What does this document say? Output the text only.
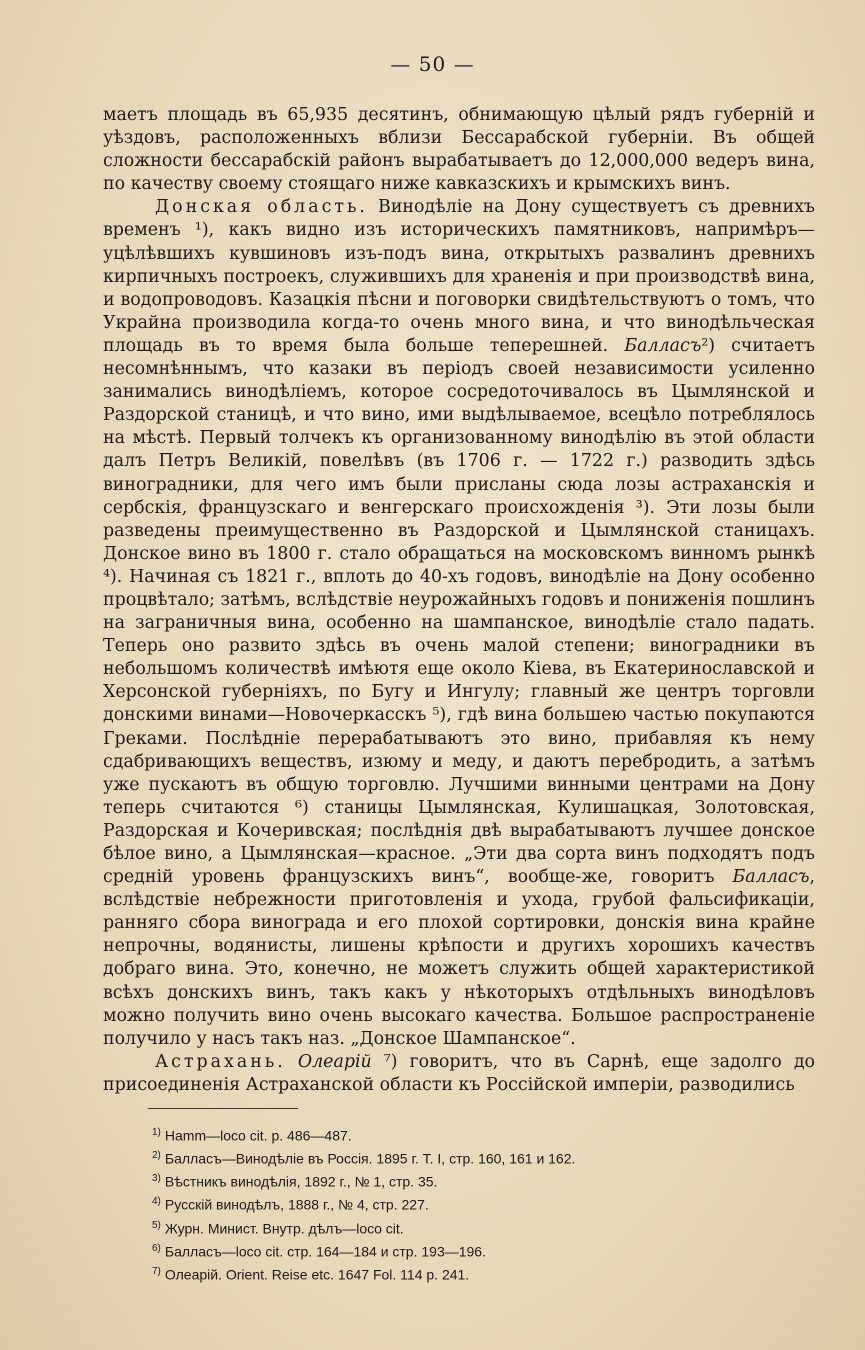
— 50 —

маетъ площадь въ 65,935 десятинъ, обнимающую цѣлый рядъ губерній и уѣздовъ, расположенныхъ вблизи Бессарабской губерніи. Въ общей сложности бессарабскій районъ вырабатываетъ до 12,000,000 ведеръ вина, по качеству своему стоящаго ниже кавказскихъ и крымскихъ винъ.

Донская область. Винодѣліе на Дону существуетъ съ древнихъ временъ ¹), какъ видно изъ историческихъ памятниковъ, напримѣръ—уцѣлѣвшихъ кувшиновъ изъ-подъ вина, открытыхъ развалинъ древнихъ кирпичныхъ построекъ, служившихъ для храненія и при производствѣ вина, и водопроводовъ. Казацкія пѣсни и поговорки свидѣтельствуютъ о томъ, что Украйна производила когда-то очень много вина, и что винодѣльческая площадь въ то время была больше теперешней. Балласъ²) считаетъ несомнѣннымъ, что казаки въ періодъ своей независимости усиленно занимались винодѣліемъ, которое сосредоточивалось въ Цымлянской и Раздорской станицѣ, и что вино, ими выдѣлываемое, всецѣло потреблялось на мѣстѣ. Первый толчекъ къ организованному винодѣлію въ этой области далъ Петръ Великій, повелѣвъ (въ 1706 г. — 1722 г.) разводить здѣсь виноградники, для чего имъ были присланы сюда лозы астраханскія и сербскія, французскаго и венгерскаго происхожденія ³). Эти лозы были разведены преимущественно въ Раздорской и Цымлянской станицахъ. Донское вино въ 1800 г. стало обращаться на московскомъ винномъ рынкѣ ⁴). Начиная съ 1821 г., вплоть до 40-хъ годовъ, винодѣліе на Дону особенно процвѣтало; затѣмъ, вслѣдствіе неурожайныхъ годовъ и пониженія пошлинъ на заграничныя вина, особенно на шампанское, винодѣліе стало падать. Теперь оно развито здѣсь въ очень малой степени; виноградники въ небольшомъ количествѣ имѣютя еще около Кіева, въ Екатеринославской и Херсонской губерніяхъ, по Бугу и Ингулу; главный же центръ торговли донскими винами—Новочеркасскъ ⁵), гдѣ вина большею частью покупаются Греками. Послѣдніе перерабатываютъ это вино, прибавляя къ нему сдабривающихъ веществъ, изюму и меду, и даютъ перебродить, а затѣмъ уже пускаютъ въ общую торговлю. Лучшими винными центрами на Дону теперь считаются ⁶) станицы Цымлянская, Кулишацкая, Золотовская, Раздорская и Кочеривская; послѣднія двѣ вырабатываютъ лучшее донское бѣлое вино, а Цымлянская—красное. „Эти два сорта винъ подходятъ подъ средній уровень французскихъ винъ“, вообще-же, говоритъ Балласъ, вслѣдствіе небрежности приготовленія и ухода, грубой фальсификаціи, ранняго сбора винограда и его плохой сортировки, донскія вина крайне непрочны, водянисты, лишены крѣпости и другихъ хорошихъ качествъ добраго вина. Это, конечно, не можетъ служить общей характеристикой всѣхъ донскихъ винъ, такъ какъ у нѣкоторыхъ отдѣльныхъ винодѣловъ можно получить вино очень высокаго качества. Большое распространеніе получило у насъ такъ наз. „Донское Шампанское“.

Астрахань. Олеарій ⁷) говоритъ, что въ Сарнѣ, еще задолго до присоединенія Астраханской области къ Россійской имперіи, разводились

$^{1)}$ Hamm—loco cit. p. 486—487.
$^{2)}$ Балласъ—Винодѣліе въ Россія. 1895 г. Т. I, стр. 160, 161 и 162.
$^{3)}$ Вѣстникъ винодѣлія, 1892 г., № 1, стр. 35.
$^{4)}$ Русскій винодѣлъ, 1888 г., № 4, стр. 227.
$^{5)}$ Журн. Минист. Внутр. дѣлъ—loco cit.
$^{6)}$ Балласъ—loco cit. стр. 164—184 и стр. 193—196.
$^{7)}$ Олеарій. Orient. Reise etc. 1647 Fol. 114 p. 241.
